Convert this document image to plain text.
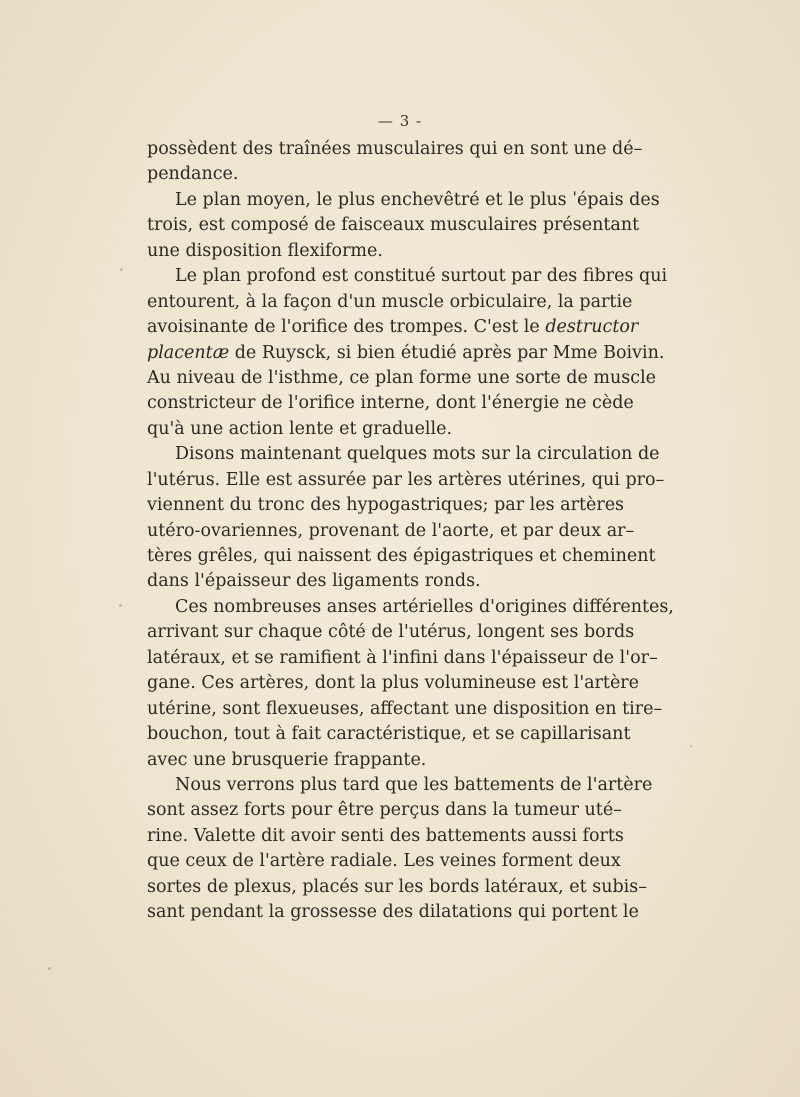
— 3 -

possèdent des traînées musculaires qui en sont une dé–
pendance.

Le plan moyen, le plus enchevêtré et le plus ˈépais des
trois, est composé de faisceaux musculaires présentant
une disposition flexiforme.

Le plan profond est constitué surtout par des fibres qui
entourent, à la façon d'un muscle orbiculaire, la partie
avoisinante de l'orifice des trompes. C'est le destructor
placentæ de Ruysck, si bien étudié après par Mme Boivin.
Au niveau de l'isthme, ce plan forme une sorte de muscle
constricteur de l'orifice interne, dont l'énergie ne cède
qu'à une action lente et graduelle.

Disons maintenant quelques mots sur la circulation de
l'utérus. Elle est assurée par les artères utérines, qui pro–
viennent du tronc des hypogastriques; par les artères
utéro-ovariennes, provenant de l'aorte, et par deux ar–
tères grêles, qui naissent des épigastriques et cheminent
dans l'épaisseur des ligaments ronds.

Ces nombreuses anses artérielles d'origines différentes,
arrivant sur chaque côté de l'utérus, longent ses bords
latéraux, et se ramifient à l'infini dans l'épaisseur de l'or–
gane. Ces artères, dont la plus volumineuse est l'artère
utérine, sont flexueuses, affectant une disposition en tire–
bouchon, tout à fait caractéristique, et se capillarisant
avec une brusquerie frappante.

Nous verrons plus tard que les battements de l'artère
sont assez forts pour être perçus dans la tumeur uté–
rine. Valette dit avoir senti des battements aussi forts
que ceux de l'artère radiale. Les veines forment deux
sortes de plexus, placés sur les bords latéraux, et subis–
sant pendant la grossesse des dilatations qui portent le
